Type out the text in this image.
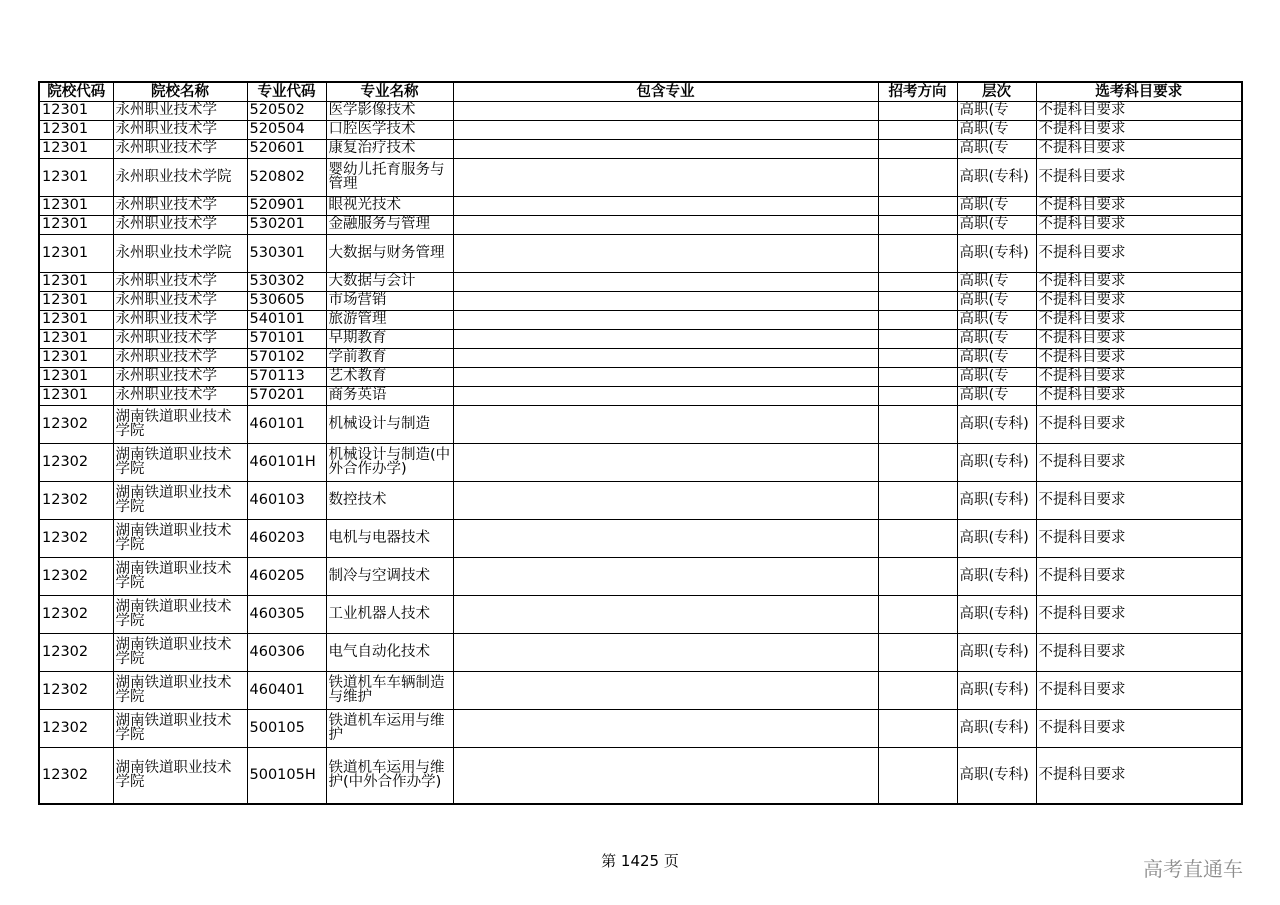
院校代码	院校名称	专业代码	专业名称	包含专业	招考方向	层次	选考科目要求
12301	永州职业技术学	520502	医学影像技术			高职(专	不提科目要求
12301	永州职业技术学	520504	口腔医学技术			高职(专	不提科目要求
12301	永州职业技术学	520601	康复治疗技术			高职(专	不提科目要求
12301	永州职业技术学院	520802	婴幼儿托育服务与管理			高职(专科)	不提科目要求
12301	永州职业技术学	520901	眼视光技术			高职(专	不提科目要求
12301	永州职业技术学	530201	金融服务与管理			高职(专	不提科目要求
12301	永州职业技术学院	530301	大数据与财务管理			高职(专科)	不提科目要求
12301	永州职业技术学	530302	大数据与会计			高职(专	不提科目要求
12301	永州职业技术学	530605	市场营销			高职(专	不提科目要求
12301	永州职业技术学	540101	旅游管理			高职(专	不提科目要求
12301	永州职业技术学	570101	早期教育			高职(专	不提科目要求
12301	永州职业技术学	570102	学前教育			高职(专	不提科目要求
12301	永州职业技术学	570113	艺术教育			高职(专	不提科目要求
12301	永州职业技术学	570201	商务英语			高职(专	不提科目要求
12302	湖南铁道职业技术学院	460101	机械设计与制造			高职(专科)	不提科目要求
12302	湖南铁道职业技术学院	460101H	机械设计与制造(中外合作办学)			高职(专科)	不提科目要求
12302	湖南铁道职业技术学院	460103	数控技术			高职(专科)	不提科目要求
12302	湖南铁道职业技术学院	460203	电机与电器技术			高职(专科)	不提科目要求
12302	湖南铁道职业技术学院	460205	制冷与空调技术			高职(专科)	不提科目要求
12302	湖南铁道职业技术学院	460305	工业机器人技术			高职(专科)	不提科目要求
12302	湖南铁道职业技术学院	460306	电气自动化技术			高职(专科)	不提科目要求
12302	湖南铁道职业技术学院	460401	铁道机车车辆制造与维护			高职(专科)	不提科目要求
12302	湖南铁道职业技术学院	500105	铁道机车运用与维护			高职(专科)	不提科目要求
12302	湖南铁道职业技术学院	500105H	铁道机车运用与维护(中外合作办学)			高职(专科)	不提科目要求
第 1425 页	高考直通车
